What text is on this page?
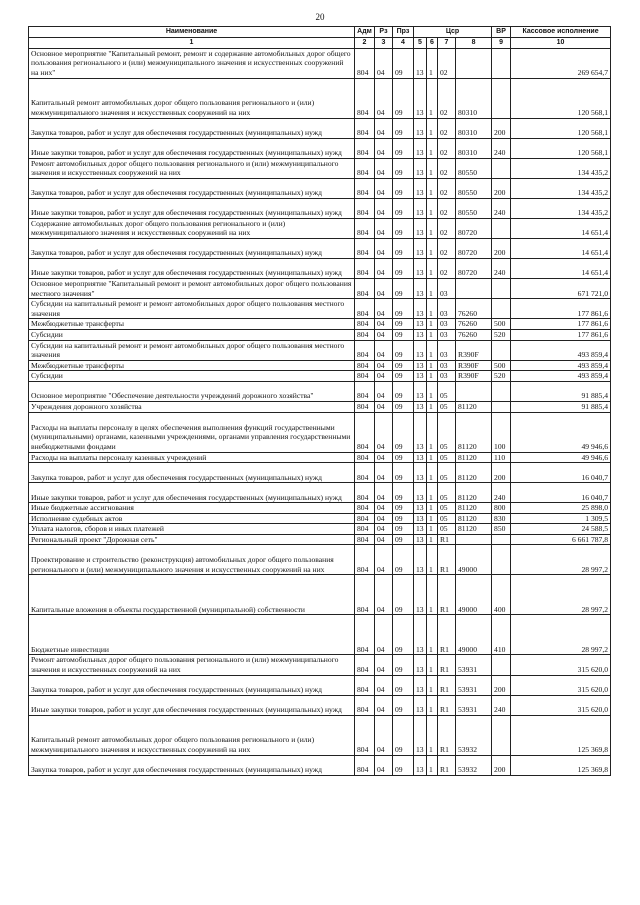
20
Наименование	Адм	Рз	Прз	Цср				ВР	Кассовое исполнение
1	2	3	4	5	6	7	8	9	10
Основное мероприятие "Капитальный ремонт, ремонт и содержание автомобильных дорог общего пользования регионального и (или) межмуниципального значения и искусственных сооружений на них"	804	04	09	13	1	02			269 654,7
Капитальный ремонт автомобильных дорог общего пользования регионального и (или) межмуниципального значения и искусственных сооружений на них	804	04	09	13	1	02	80310		120 568,1
Закупка товаров, работ и услуг для обеспечения государственных (муниципальных) нужд	804	04	09	13	1	02	80310	200	120 568,1
Иные закупки товаров, работ и услуг для обеспечения государственных (муниципальных) нужд	804	04	09	13	1	02	80310	240	120 568,1
Ремонт автомобильных дорог общего пользования регионального и (или) межмуниципального значения и искусственных сооружений на них	804	04	09	13	1	02	80550		134 435,2
Закупка товаров, работ и услуг для обеспечения государственных (муниципальных) нужд	804	04	09	13	1	02	80550	200	134 435,2
Иные закупки товаров, работ и услуг для обеспечения государственных (муниципальных) нужд	804	04	09	13	1	02	80550	240	134 435,2
Содержание автомобильных дорог общего пользования регионального и (или) межмуниципального значения и искусственных сооружений на них	804	04	09	13	1	02	80720		14 651,4
Закупка товаров, работ и услуг для обеспечения государственных (муниципальных) нужд	804	04	09	13	1	02	80720	200	14 651,4
Иные закупки товаров, работ и услуг для обеспечения государственных (муниципальных) нужд	804	04	09	13	1	02	80720	240	14 651,4
Основное мероприятие "Капитальный ремонт и ремонт автомобильных дорог общего пользования местного значения"	804	04	09	13	1	03			671 721,0
Субсидии на капитальный ремонт и ремонт автомобильных дорог общего пользования местного значения	804	04	09	13	1	03	76260		177 861,6
Межбюджетные трансферты	804	04	09	13	1	03	76260	500	177 861,6
Субсидии	804	04	09	13	1	03	76260	520	177 861,6
Субсидии на капитальный ремонт и ремонт автомобильных дорог общего пользования местного значения	804	04	09	13	1	03	R390F		493 859,4
Межбюджетные трансферты	804	04	09	13	1	03	R390F	500	493 859,4
Субсидии	804	04	09	13	1	03	R390F	520	493 859,4
Основное мероприятие "Обеспечение деятельности учреждений дорожного хозяйства"	804	04	09	13	1	05			91 885,4
Учреждения дорожного хозяйства	804	04	09	13	1	05	81120		91 885,4
Расходы на выплаты персоналу в целях обеспечения выполнения функций государственными (муниципальными) органами, казенными учреждениями, органами управления государственными внебюджетными фондами	804	04	09	13	1	05	81120	100	49 946,6
Расходы на выплаты персоналу казенных учреждений	804	04	09	13	1	05	81120	110	49 946,6
Закупка товаров, работ и услуг для обеспечения государственных (муниципальных) нужд	804	04	09	13	1	05	81120	200	16 040,7
Иные закупки товаров, работ и услуг для обеспечения государственных (муниципальных) нужд	804	04	09	13	1	05	81120	240	16 040,7
Иные бюджетные ассигнования	804	04	09	13	1	05	81120	800	25 898,0
Исполнение судебных актов	804	04	09	13	1	05	81120	830	1 309,5
Уплата налогов, сборов и иных платежей	804	04	09	13	1	05	81120	850	24 588,5
Региональный проект "Дорожная сеть"	804	04	09	13	1	R1			6 661 787,8
Проектирование и строительство (реконструкция) автомобильных дорог общего пользования регионального и (или) межмуниципального значения и искусственных сооружений на них	804	04	09	13	1	R1	49000		28 997,2
Капитальные вложения в объекты государственной (муниципальной) собственности	804	04	09	13	1	R1	49000	400	28 997,2
Бюджетные инвестиции	804	04	09	13	1	R1	49000	410	28 997,2
Ремонт автомобильных дорог общего пользования регионального и (или) межмуниципального значения и искусственных сооружений на них	804	04	09	13	1	R1	53931		315 620,0
Закупка товаров, работ и услуг для обеспечения государственных (муниципальных) нужд	804	04	09	13	1	R1	53931	200	315 620,0
Иные закупки товаров, работ и услуг для обеспечения государственных (муниципальных) нужд	804	04	09	13	1	R1	53931	240	315 620,0
Капитальный ремонт автомобильных дорог общего пользования регионального и (или) межмуниципального значения и искусственных сооружений на них	804	04	09	13	1	R1	53932		125 369,8
Закупка товаров, работ и услуг для обеспечения государственных (муниципальных) нужд	804	04	09	13	1	R1	53932	200	125 369,8
